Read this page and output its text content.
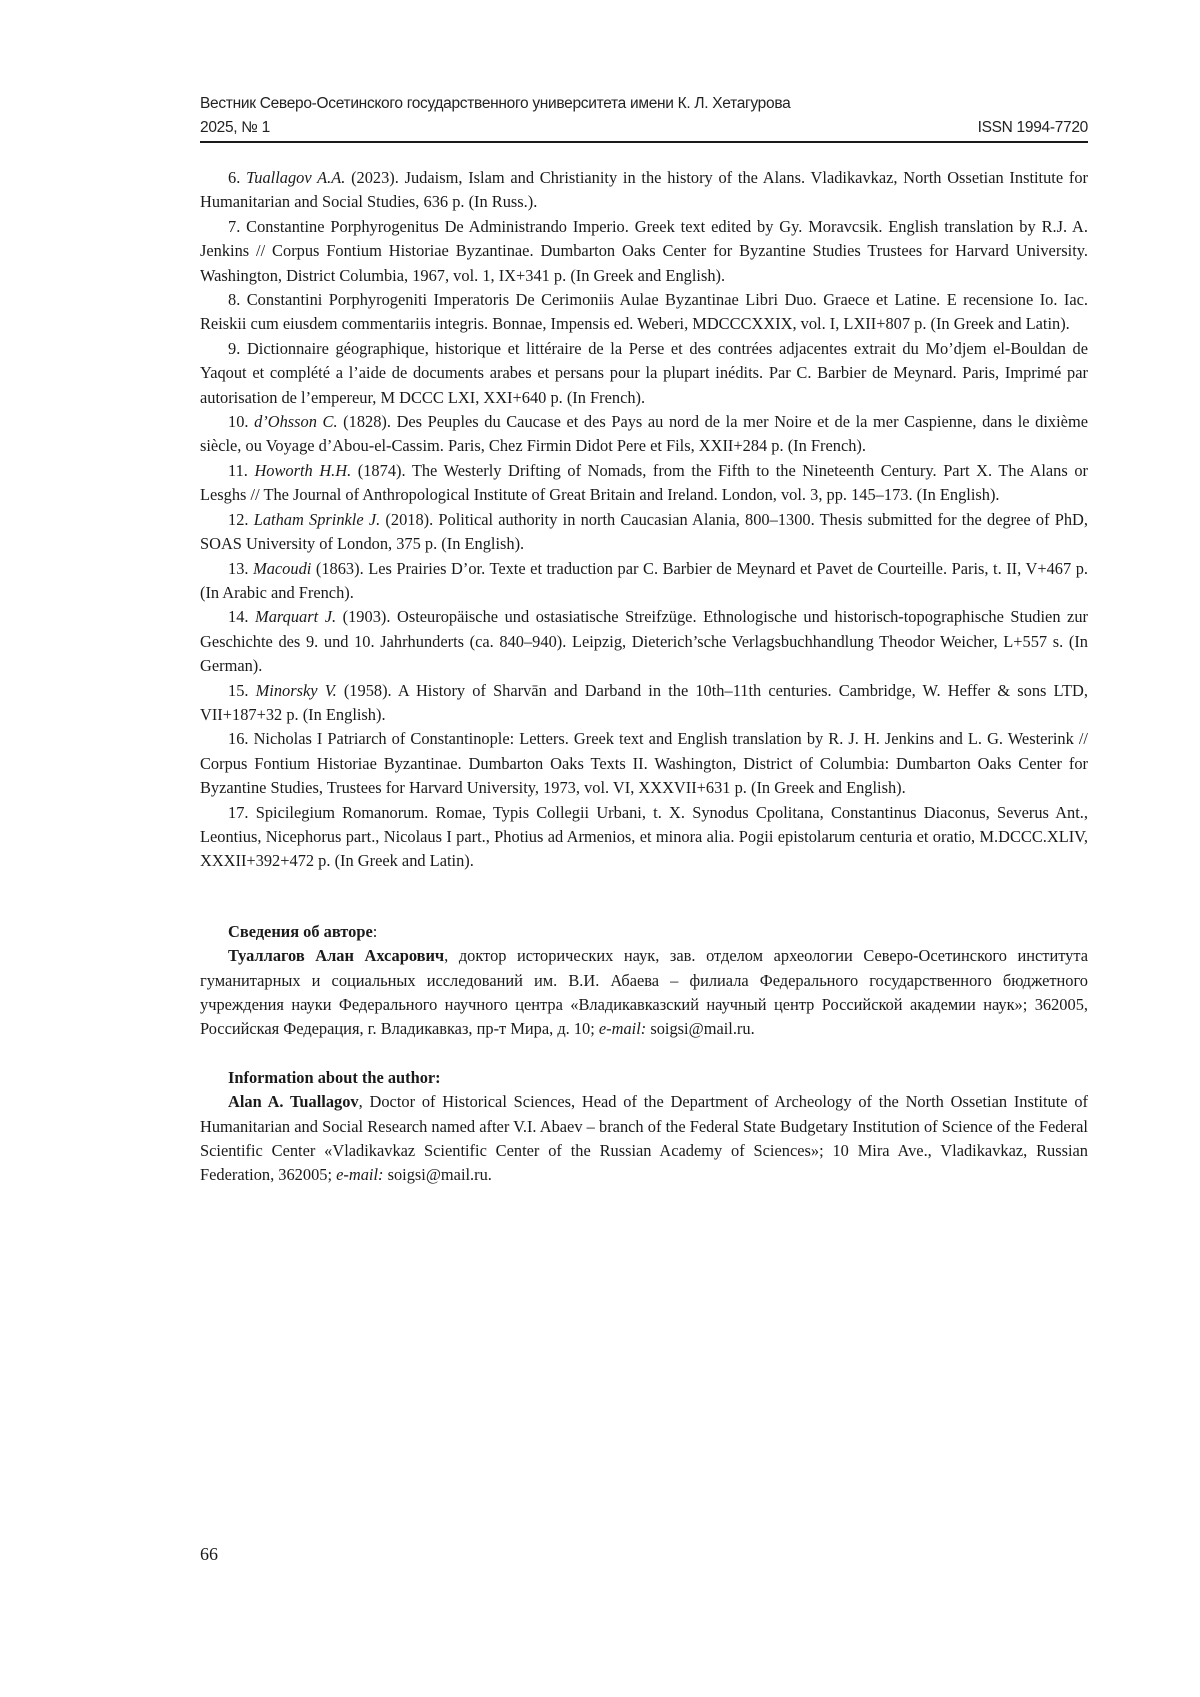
Вестник Северо-Осетинского государственного университета имени К. Л. Хетагурова
2025, № 1	ISSN 1994-7720

6. Tuallagov A.A. (2023). Judaism, Islam and Christianity in the history of the Alans. Vladikavkaz, North Ossetian Institute for Humanitarian and Social Studies, 636 p. (In Russ.).

7. Constantine Porphyrogenitus De Administrando Imperio. Greek text edited by Gy. Moravcsik. English translation by R.J. A. Jenkins // Corpus Fontium Historiae Byzantinae. Dumbarton Oaks Center for Byzantine Studies Trustees for Harvard University. Washington, District Columbia, 1967, vol. 1, IX+341 p. (In Greek and English).

8. Constantini Porphyrogeniti Imperatoris De Cerimoniis Aulae Byzantinae Libri Duo. Graece et Latine. E recensione Io. Iac. Reiskii cum eiusdem commentariis integris. Bonnae, Impensis ed. Weberi, MDCCCXXIX, vol. I, LXII+807 p. (In Greek and Latin).

9. Dictionnaire géographique, historique et littéraire de la Perse et des contrées adjacentes extrait du Mo’djem el-Bouldan de Yaqout et complété a l’aide de documents arabes et persans pour la plupart inédits. Par C. Barbier de Meynard. Paris, Imprimé par autorisation de l’empereur, M DCCC LXI, XXI+640 p. (In French).

10. d’Ohsson C. (1828). Des Peuples du Caucase et des Pays au nord de la mer Noire et de la mer Caspienne, dans le dixième siècle, ou Voyage d’Abou-el-Cassim. Paris, Chez Firmin Didot Pere et Fils, XXII+284 p. (In French).

11. Howorth H.H. (1874). The Westerly Drifting of Nomads, from the Fifth to the Nineteenth Century. Part X. The Alans or Lesghs // The Journal of Anthropological Institute of Great Britain and Ireland. London, vol. 3, pp. 145–173. (In English).

12. Latham Sprinkle J. (2018). Political authority in north Caucasian Alania, 800–1300. Thesis submitted for the degree of PhD, SOAS University of London, 375 p. (In English).

13. Macoudi (1863). Les Prairies D’or. Texte et traduction par C. Barbier de Meynard et Pavet de Courteille. Paris, t. II, V+467 p. (In Arabic and French).

14. Marquart J. (1903). Osteuropäische und ostasiatische Streifzüge. Ethnologische und historisch-topographische Studien zur Geschichte des 9. und 10. Jahrhunderts (ca. 840–940). Leipzig, Dieterich’sche Verlagsbuchhandlung Theodor Weicher, L+557 s. (In German).

15. Minorsky V. (1958). A History of Sharvān and Darband in the 10th–11th centuries. Cambridge, W. Heffer & sons LTD, VII+187+32 p. (In English).

16. Nicholas I Patriarch of Constantinople: Letters. Greek text and English translation by R. J. H. Jenkins and L. G. Westerink // Corpus Fontium Historiae Byzantinae. Dumbarton Oaks Texts II. Washington, District of Columbia: Dumbarton Oaks Center for Byzantine Studies, Trustees for Harvard University, 1973, vol. VI, XXXVII+631 p. (In Greek and English).

17. Spicilegium Romanorum. Romae, Typis Collegii Urbani, t. X. Synodus Cpolitana, Constantinus Diaconus, Severus Ant., Leontius, Nicephorus part., Nicolaus I part., Photius ad Armenios, et minora alia. Pogii epistolarum centuria et oratio, M.DCCC.XLIV, XXXII+392+472 p. (In Greek and Latin).

Сведения об авторе:

Туаллагов Алан Ахсарович, доктор исторических наук, зав. отделом археологии Северо-Осетинского института гуманитарных и социальных исследований им. В.И. Абаева – филиала Федерального государственного бюджетного учреждения науки Федерального научного центра «Владикавказский научный центр Российской академии наук»; 362005, Российская Федерация, г. Владикавказ, пр-т Мира, д. 10; e-mail: soigsi@mail.ru.

Information about the author:

Alan A. Tuallagov, Doctor of Historical Sciences, Head of the Department of Archeology of the North Ossetian Institute of Humanitarian and Social Research named after V.I. Abaev – branch of the Federal State Budgetary Institution of Science of the Federal Scientific Center «Vladikavkaz Scientific Center of the Russian Academy of Sciences»; 10 Mira Ave., Vladikavkaz, Russian Federation, 362005; e-mail: soigsi@mail.ru.

66
